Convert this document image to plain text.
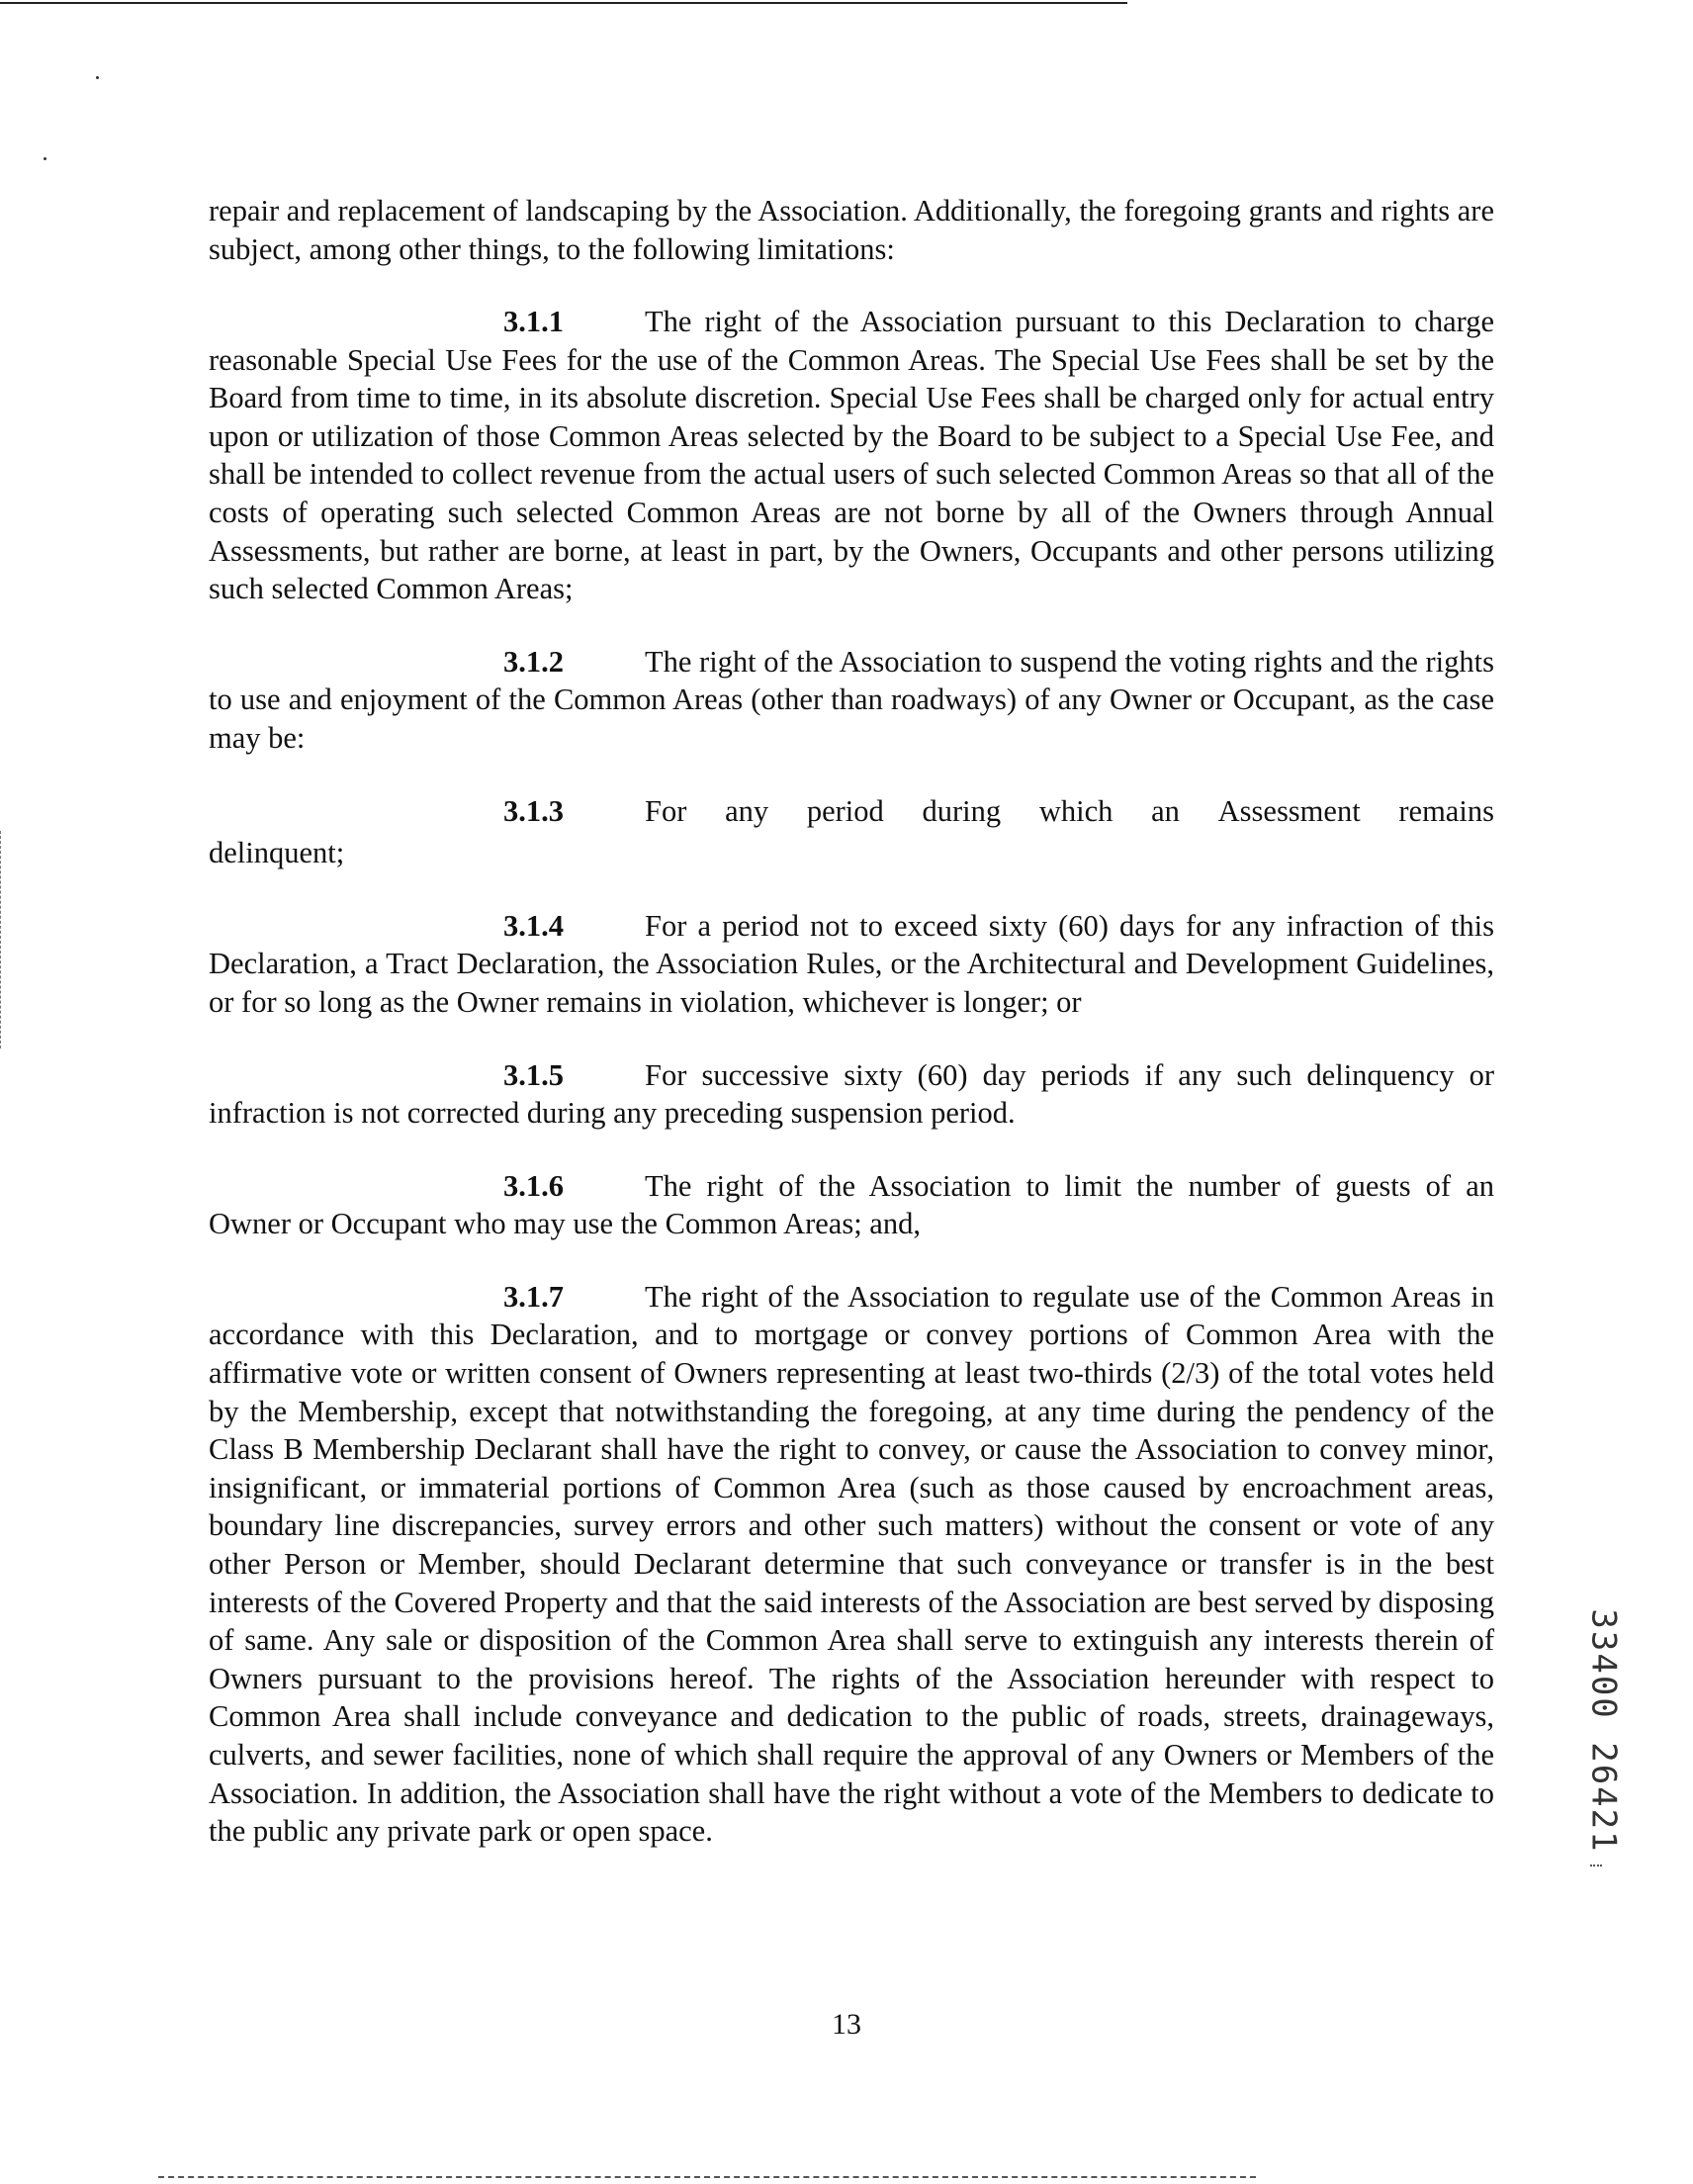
repair and replacement of landscaping by the Association. Additionally, the foregoing grants and rights are subject, among other things, to the following limitations:

3.1.1	The right of the Association pursuant to this Declaration to charge reasonable Special Use Fees for the use of the Common Areas. The Special Use Fees shall be set by the Board from time to time, in its absolute discretion. Special Use Fees shall be charged only for actual entry upon or utilization of those Common Areas selected by the Board to be subject to a Special Use Fee, and shall be intended to collect revenue from the actual users of such selected Common Areas so that all of the costs of operating such selected Common Areas are not borne by all of the Owners through Annual Assessments, but rather are borne, at least in part, by the Owners, Occupants and other persons utilizing such selected Common Areas;

3.1.2	The right of the Association to suspend the voting rights and the rights to use and enjoyment of the Common Areas (other than roadways) of any Owner or Occupant, as the case may be:

3.1.3	For any period during which an Assessment remains
delinquent;

3.1.4	For a period not to exceed sixty (60) days for any infraction of this Declaration, a Tract Declaration, the Association Rules, or the Architectural and Development Guidelines, or for so long as the Owner remains in violation, whichever is longer; or

3.1.5	For successive sixty (60) day periods if any such delinquency or infraction is not corrected during any preceding suspension period.

3.1.6	The right of the Association to limit the number of guests of an Owner or Occupant who may use the Common Areas; and,

3.1.7	The right of the Association to regulate use of the Common Areas in accordance with this Declaration, and to mortgage or convey portions of Common Area with the affirmative vote or written consent of Owners representing at least two-thirds (2/3) of the total votes held by the Membership, except that notwithstanding the foregoing, at any time during the pendency of the Class B Membership Declarant shall have the right to convey, or cause the Association to convey minor, insignificant, or immaterial portions of Common Area (such as those caused by encroachment areas, boundary line discrepancies, survey errors and other such matters) without the consent or vote of any other Person or Member, should Declarant determine that such conveyance or transfer is in the best interests of the Covered Property and that the said interests of the Association are best served by disposing of same. Any sale or disposition of the Common Area shall serve to extinguish any interests therein of Owners pursuant to the provisions hereof. The rights of the Association hereunder with respect to Common Area shall include conveyance and dedication to the public of roads, streets, drainageways, culverts, and sewer facilities, none of which shall require the approval of any Owners or Members of the Association. In addition, the Association shall have the right without a vote of the Members to dedicate to the public any private park or open space.

13
33400 26421
